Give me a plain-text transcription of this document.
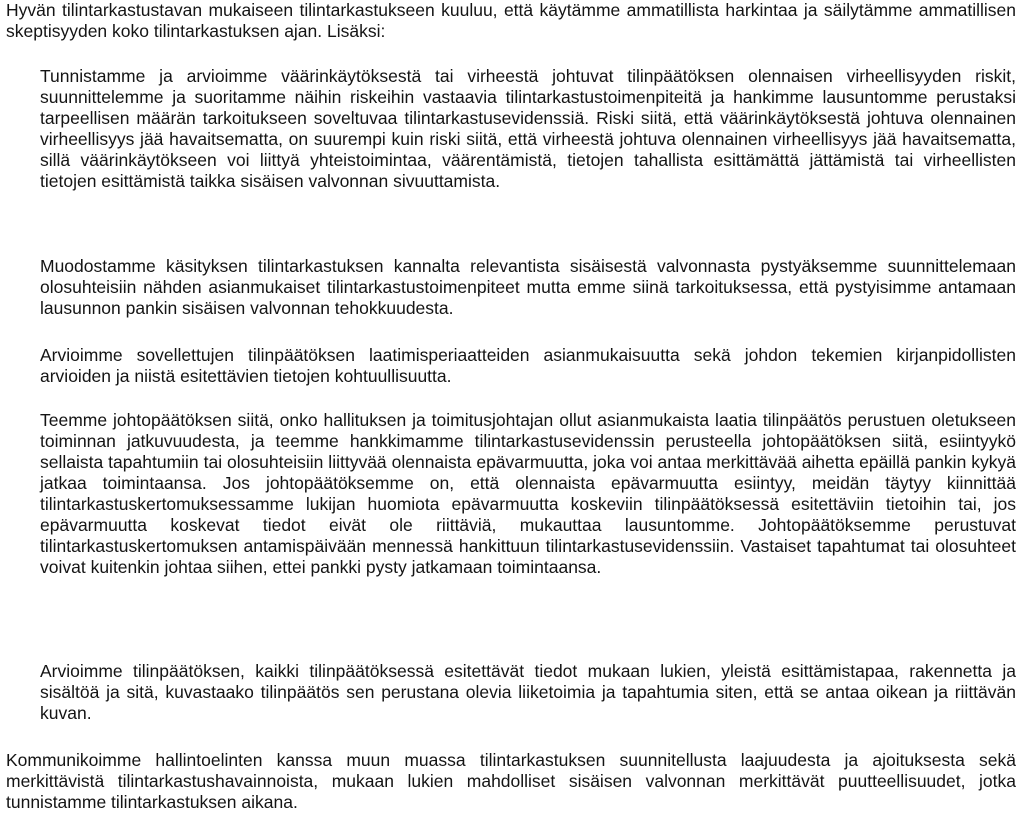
Hyvän tilintarkastustavan mukaiseen tilintarkastukseen kuuluu, että käytämme ammatillista harkintaa ja säilytämme ammatillisen skeptisyyden koko tilintarkastuksen ajan. Lisäksi:

Tunnistamme ja arvioimme väärinkäytöksestä tai virheestä johtuvat tilinpäätöksen olennaisen virheellisyyden riskit, suunnittelemme ja suoritamme näihin riskeihin vastaavia tilintarkastustoimenpiteitä ja hankimme lausuntomme perustaksi tarpeellisen määrän tarkoitukseen soveltuvaa tilintarkastusevidenssiä. Riski siitä, että väärinkäytöksestä johtuva olennainen virheellisyys jää havaitsematta, on suurempi kuin riski siitä, että virheestä johtuva olennainen virheellisyys jää havaitsematta, sillä väärinkäytökseen voi liittyä yhteistoimintaa, väärentämistä, tietojen tahallista esittämättä jättämistä tai virheellisten tietojen esittämistä taikka sisäisen valvonnan sivuuttamista.

Muodostamme käsityksen tilintarkastuksen kannalta relevantista sisäisestä valvonnasta pystyäksemme suunnittelemaan olosuhteisiin nähden asianmukaiset tilintarkastustoimenpiteet mutta emme siinä tarkoituksessa, että pystyisimme antamaan lausunnon pankin sisäisen valvonnan tehokkuudesta.

Arvioimme sovellettujen tilinpäätöksen laatimisperiaatteiden asianmukaisuutta sekä johdon tekemien kirjanpidollisten arvioiden ja niistä esitettävien tietojen kohtuullisuutta.

Teemme johtopäätöksen siitä, onko hallituksen ja toimitusjohtajan ollut asianmukaista laatia tilinpäätös perustuen oletukseen toiminnan jatkuvuudesta, ja teemme hankkimamme tilintarkastusevidenssin perusteella johtopäätöksen siitä, esiintyykö sellaista tapahtumiin tai olosuhteisiin liittyvää olennaista epävarmuutta, joka voi antaa merkittävää aihetta epäillä pankin kykyä jatkaa toimintaansa. Jos johtopäätöksemme on, että olennaista epävarmuutta esiintyy, meidän täytyy kiinnittää tilintarkastuskertomuksessamme lukijan huomiota epävarmuutta koskeviin tilinpäätöksessä esitettäviin tietoihin tai, jos epävarmuutta koskevat tiedot eivät ole riittäviä, mukauttaa lausuntomme. Johtopäätöksemme perustuvat tilintarkastuskertomuksen antamispäivään mennessä hankittuun tilintarkastusevidenssiin. Vastaiset tapahtumat tai olosuhteet voivat kuitenkin johtaa siihen, ettei pankki pysty jatkamaan toimintaansa.

Arvioimme tilinpäätöksen, kaikki tilinpäätöksessä esitettävät tiedot mukaan lukien, yleistä esittämistapaa, rakennetta ja sisältöä ja sitä, kuvastaako tilinpäätös sen perustana olevia liiketoimia ja tapahtumia siten, että se antaa oikean ja riittävän kuvan.

Kommunikoimme hallintoelinten kanssa muun muassa tilintarkastuksen suunnitellusta laajuudesta ja ajoituksesta sekä merkittävistä tilintarkastushavainnoista, mukaan lukien mahdolliset sisäisen valvonnan merkittävät puutteellisuudet, jotka tunnistamme tilintarkastuksen aikana.
